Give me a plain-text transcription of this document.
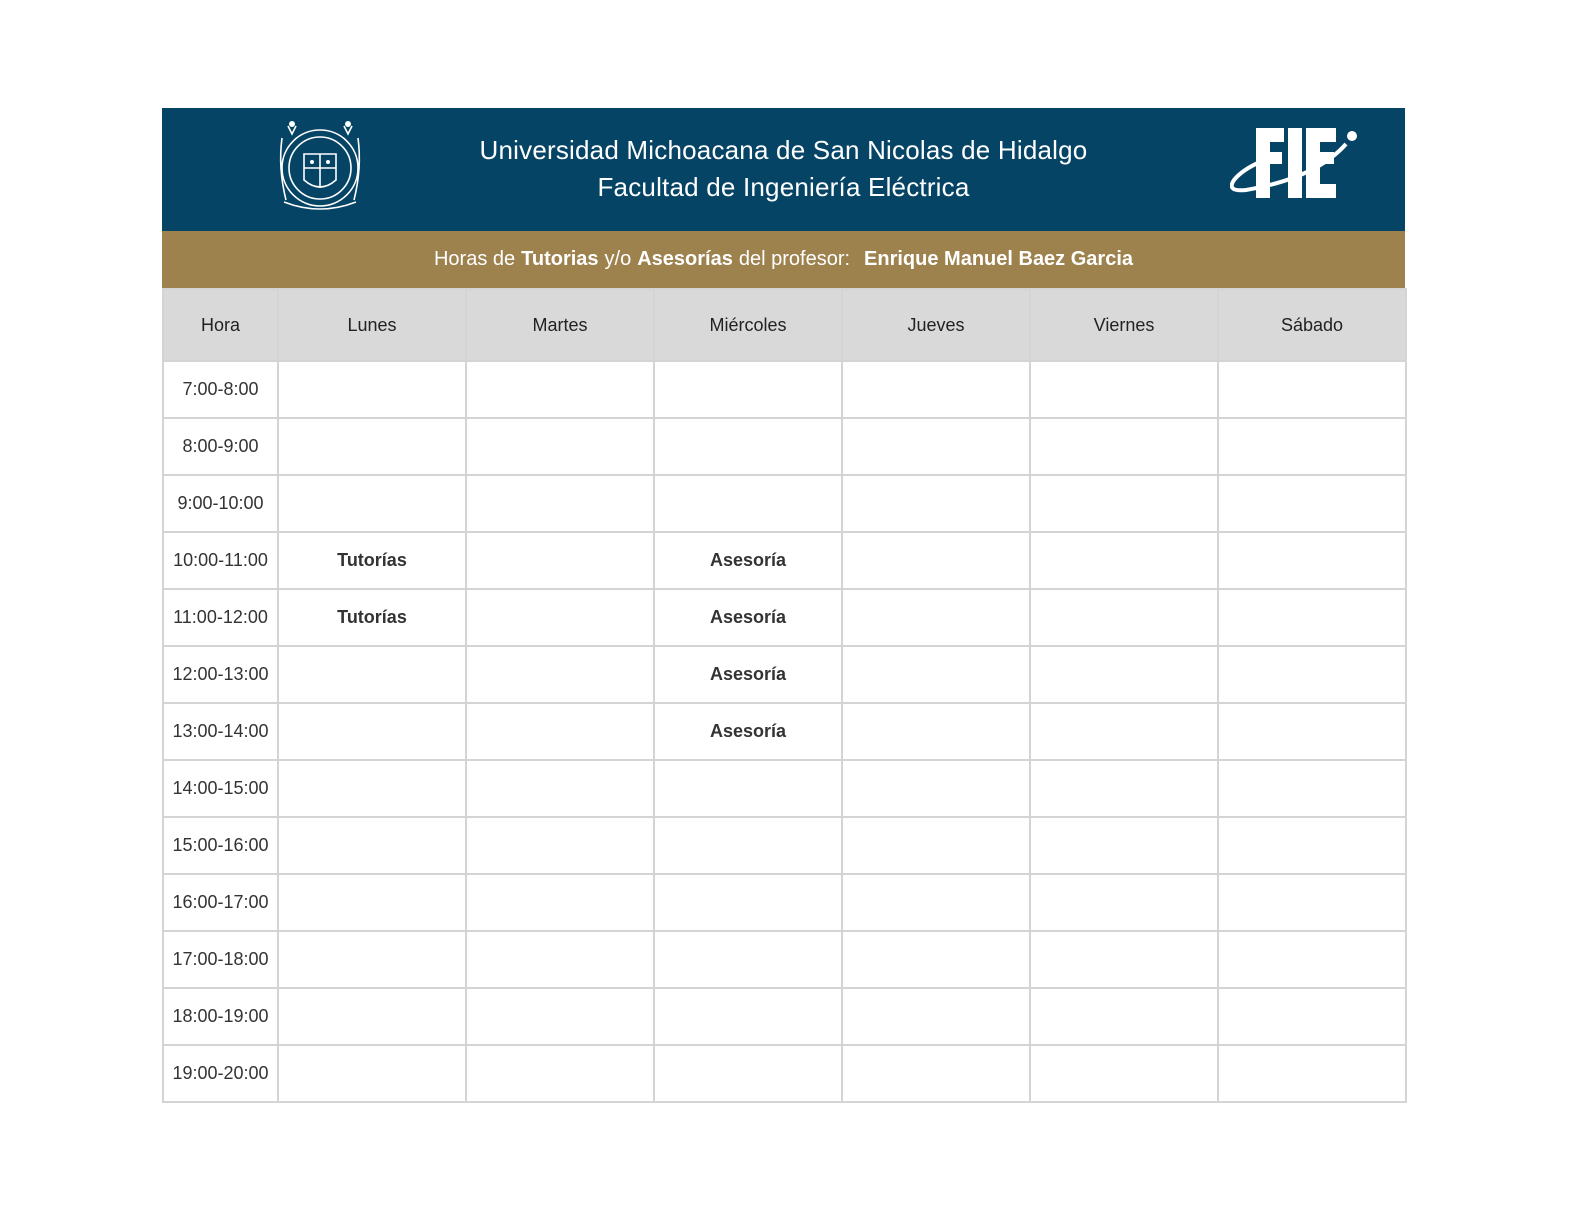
Universidad Michoacana de San Nicolas de Hidalgo
Facultad de Ingeniería Eléctrica
Horas de Tutorias y/o Asesorías del profesor: Enrique Manuel Baez Garcia
Hora	Lunes	Martes	Miércoles	Jueves	Viernes	Sábado
7:00-8:00						
8:00-9:00						
9:00-10:00						
10:00-11:00	Tutorías		Asesoría			
11:00-12:00	Tutorías		Asesoría			
12:00-13:00			Asesoría			
13:00-14:00			Asesoría			
14:00-15:00						
15:00-16:00						
16:00-17:00						
17:00-18:00						
18:00-19:00						
19:00-20:00						
